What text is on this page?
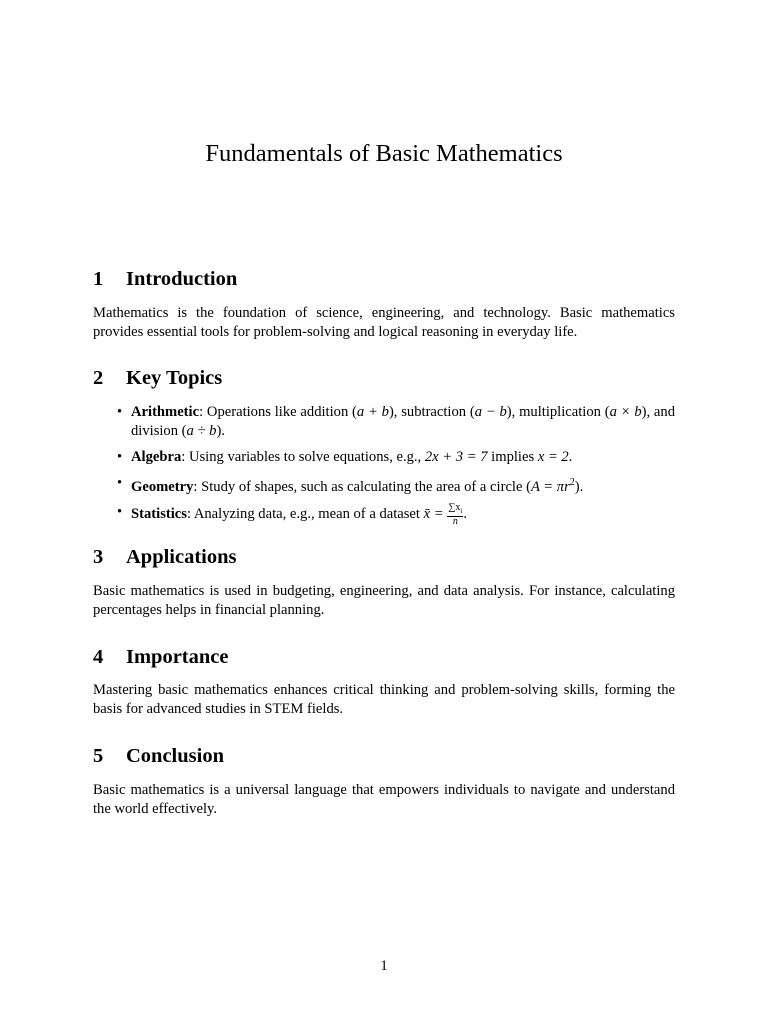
Fundamentals of Basic Mathematics
1 Introduction

Mathematics is the foundation of science, engineering, and technology. Basic mathematics provides essential tools for problem-solving and logical reasoning in everyday life.

2 Key Topics
• Arithmetic: Operations like addition (a + b), subtraction (a − b), multiplication (a × b), and division (a ÷ b).
• Algebra: Using variables to solve equations, e.g., 2x + 3 = 7 implies x = 2.
• Geometry: Study of shapes, such as calculating the area of a circle $(A = \pi r^2)$.
• Statistics: Analyzing data, e.g., mean of a dataset x̄ = $\frac{\sum x_i}{n}$ .
3 Applications

Basic mathematics is used in budgeting, engineering, and data analysis. For instance, calculating percentages helps in financial planning.

4 Importance

Mastering basic mathematics enhances critical thinking and problem-solving skills, forming the basis for advanced studies in STEM fields.

5 Conclusion

Basic mathematics is a universal language that empowers individuals to navigate and understand the world effectively.

1
